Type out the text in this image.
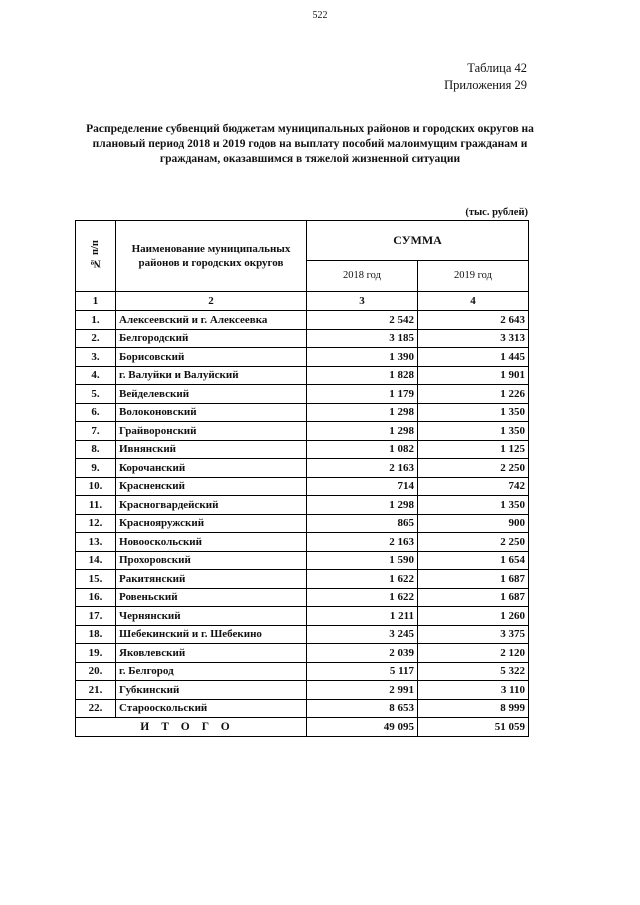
522
Таблица 42
Приложения 29
Распределение субвенций бюджетам муниципальных районов и городских округов на плановый период 2018 и 2019 годов на выплату пособий малоимущим гражданам и гражданам, оказавшимся в тяжелой жизненной ситуации
(тыс. рублей)
№ п/п	Наименование муниципальных районов и городских округов	СУММА	
		2018 год	2019 год
1	2	3	4
1.	Алексеевский и г. Алексеевка	2 542	2 643
2.	Белгородский	3 185	3 313
3.	Борисовский	1 390	1 445
4.	г. Валуйки и Валуйский	1 828	1 901
5.	Вейделевский	1 179	1 226
6.	Волоконовский	1 298	1 350
7.	Грайворонский	1 298	1 350
8.	Ивнянский	1 082	1 125
9.	Корочанский	2 163	2 250
10.	Красненский	714	742
11.	Красногвардейский	1 298	1 350
12.	Краснояружский	865	900
13.	Новооскольский	2 163	2 250
14.	Прохоровский	1 590	1 654
15.	Ракитянский	1 622	1 687
16.	Ровеньский	1 622	1 687
17.	Чернянский	1 211	1 260
18.	Шебекинский и г. Шебекино	3 245	3 375
19.	Яковлевский	2 039	2 120
20.	г. Белгород	5 117	5 322
21.	Губкинский	2 991	3 110
22.	Старооскольский	8 653	8 999
ИТОГО		49 095	51 059
